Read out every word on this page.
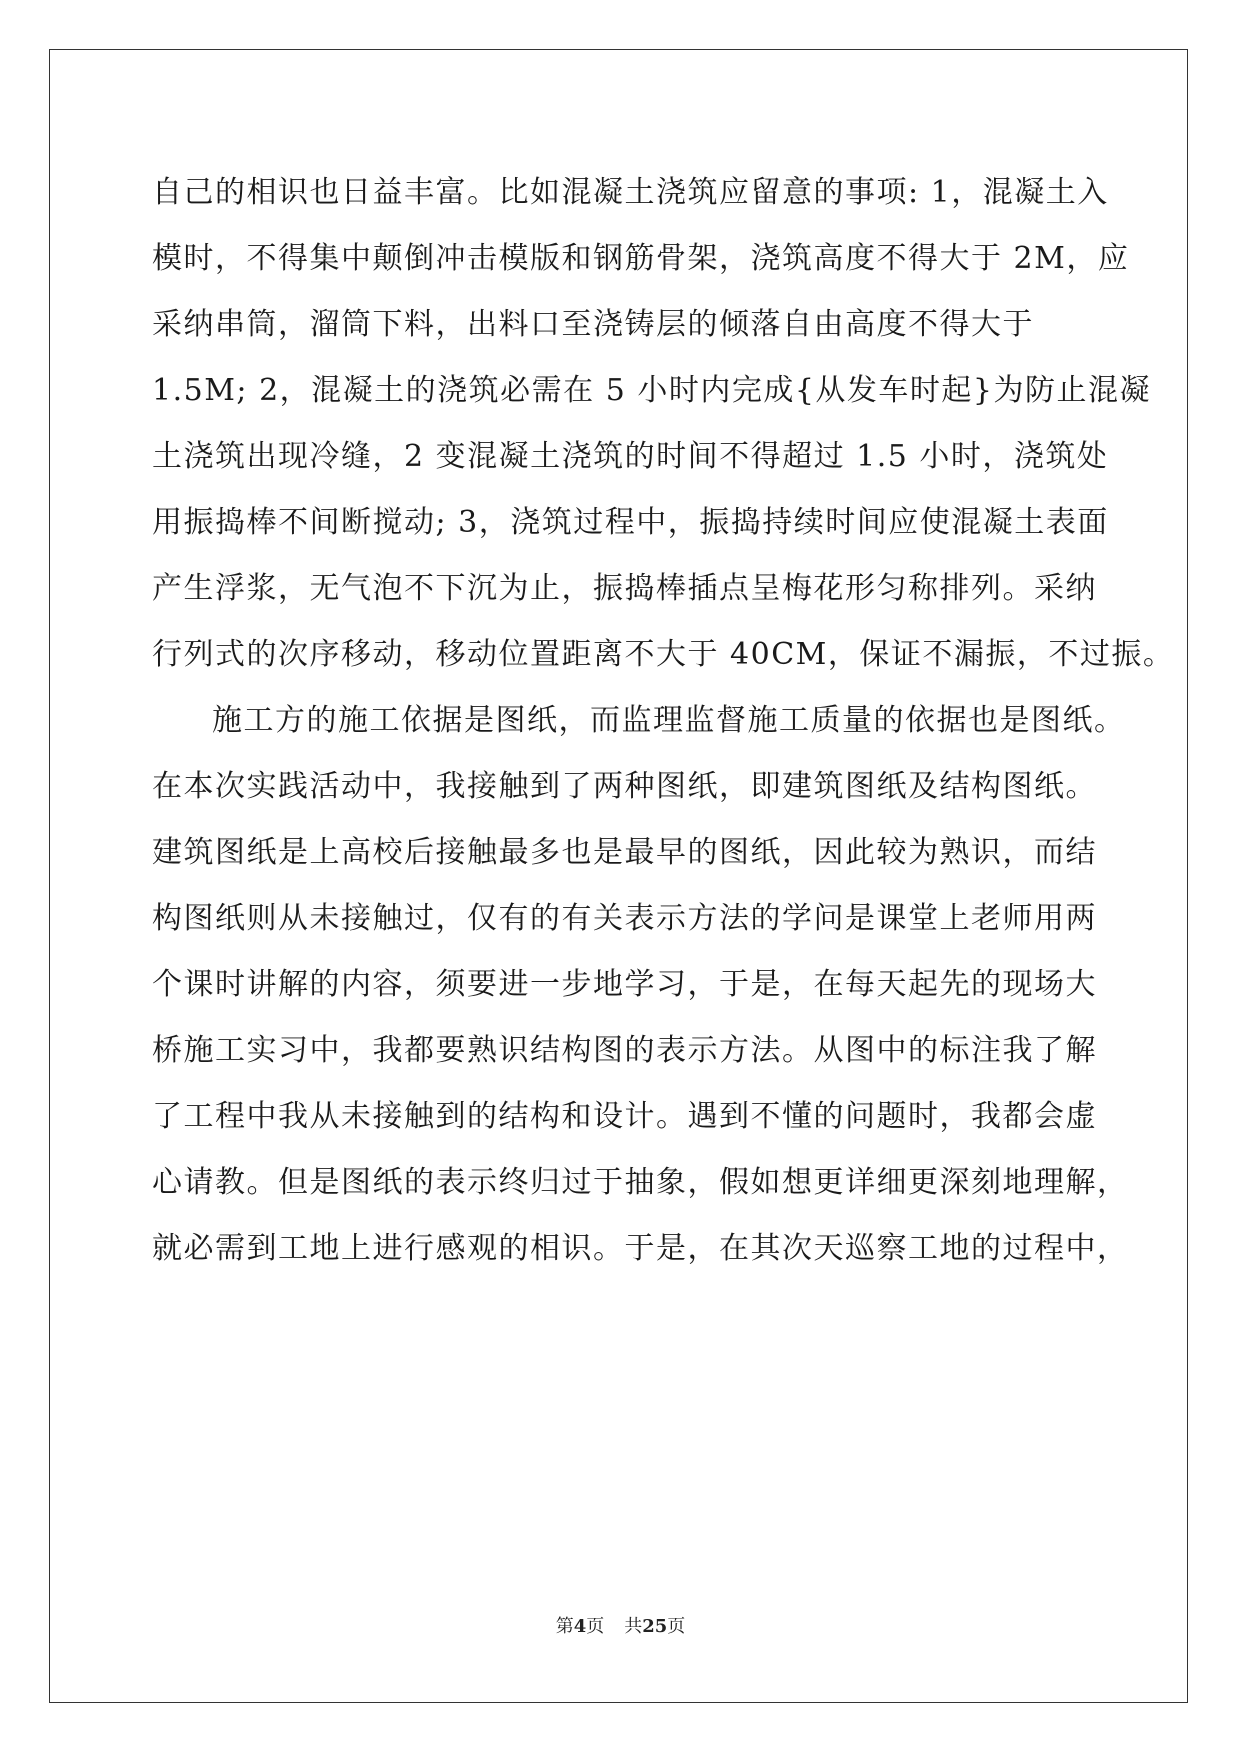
自己的相识也日益丰富。比如混凝土浇筑应留意的事项: 1，混凝土入
模时，不得集中颠倒冲击模版和钢筋骨架，浇筑高度不得大于 2M，应
采纳串筒，溜筒下料，出料口至浇铸层的倾落自由高度不得大于
1.5M; 2，混凝土的浇筑必需在 5 小时内完成{从发车时起}为防止混凝
土浇筑出现冷缝，2 变混凝土浇筑的时间不得超过 1.5 小时，浇筑处
用振捣棒不间断搅动; 3，浇筑过程中，振捣持续时间应使混凝土表面
产生浮浆，无气泡不下沉为止，振捣棒插点呈梅花形匀称排列。采纳
行列式的次序移动，移动位置距离不大于 40CM，保证不漏振，不过振。
施工方的施工依据是图纸，而监理监督施工质量的依据也是图纸。
在本次实践活动中，我接触到了两种图纸，即建筑图纸及结构图纸。
建筑图纸是上高校后接触最多也是最早的图纸，因此较为熟识，而结
构图纸则从未接触过，仅有的有关表示方法的学问是课堂上老师用两
个课时讲解的内容，须要进一步地学习，于是，在每天起先的现场大
桥施工实习中，我都要熟识结构图的表示方法。从图中的标注我了解
了工程中我从未接触到的结构和设计。遇到不懂的问题时，我都会虚
心请教。但是图纸的表示终归过于抽象，假如想更详细更深刻地理解，
就必需到工地上进行感观的相识。于是，在其次天巡察工地的过程中，
第4页 共25页
